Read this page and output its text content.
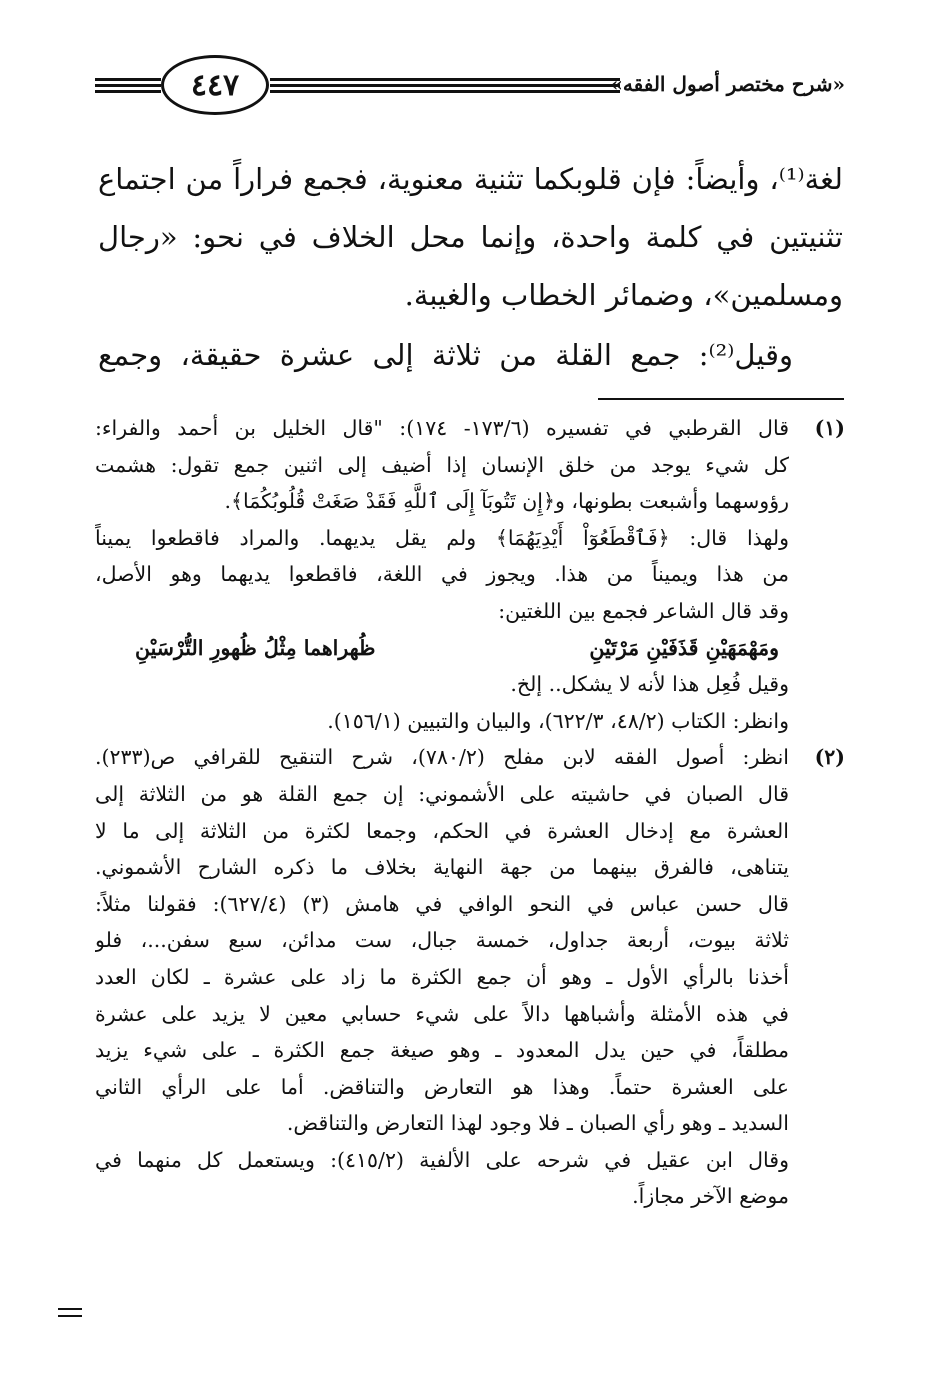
٤٤٧	«شرح مختصر أصول الفقه»

لغة⁽¹⁾، وأيضاً: فإن قلوبكما تثنية معنوية، فجمع فراراً من اجتماع
تثنيتين في كلمة واحدة، وإنما محل الخلاف في نحو: «رجال
ومسلمين»، وضمائر الخطاب والغيبة.

وقيل⁽²⁾: جمع القلة من ثلاثة إلى عشرة حقيقة، وجمع

(١)
قال القرطبي في تفسيره (١٧٣/٦- ١٧٤): "قال الخليل بن أحمد والفراء:
كل شيء يوجد من خلق الإنسان إذا أضيف إلى اثنين جمع تقول: هشمت
رؤوسهما وأشبعت بطونها، و﴿إِن تَتُوبَآ إِلَى ٱللَّهِ فَقَدْ صَغَتْ قُلُوبُكُمَا﴾.
ولهذا قال: ﴿فَٱقْطَعُوٓاْ أَيْدِيَهُمَا﴾ ولم يقل يديهما. والمراد فاقطعوا يميناً
من هذا ويميناً من هذا. ويجوز في اللغة، فاقطعوا يديهما وهو الأصل،
وقد قال الشاعر فجمع بين اللغتين:
ومَهْمَهَيْنِ قَذَفَيْنِ مَرْتَيْنِ
ظُهراهما مِثْلُ ظُهورِ التُّرْسَيْنِ
وقيل فُعِل هذا لأنه لا يشكل.. إلخ.
وانظر: الكتاب (٤٨/٢، ٦٢٢/٣)، والبيان والتبيين (١٥٦/١).
(٢)
انظر: أصول الفقه لابن مفلح (٧٨٠/٢)، شرح التنقيح للقرافي ص(٢٣٣).
قال الصبان في حاشيته على الأشموني: إن جمع القلة هو من الثلاثة إلى
العشرة مع إدخال العشرة في الحكم، وجمعا لكثرة من الثلاثة إلى ما لا
يتناهى، فالفرق بينهما من جهة النهاية بخلاف ما ذكره الشارح الأشموني.
قال حسن عباس في النحو الوافي في هامش (٣) (٦٢٧/٤): فقولنا مثلاً:
ثلاثة بيوت، أربعة جداول، خمسة جبال، ست مدائن، سبع سفن...، فلو
أخذنا بالرأي الأول ـ وهو أن جمع الكثرة ما زاد على عشرة ـ لكان العدد
في هذه الأمثلة وأشباهها دالاً على شيء حسابي معين لا يزيد على عشرة
مطلقاً، في حين يدل المعدود ـ وهو صيغة جمع الكثرة ـ على شيء يزيد
على العشرة حتماً. وهذا هو التعارض والتناقض. أما على الرأي الثاني
السديد ـ وهو رأي الصبان ـ فلا وجود لهذا التعارض والتناقض.
وقال ابن عقيل في شرحه على الألفية (٤١٥/٢): ويستعمل كل منهما في
موضع الآخر مجازاً.
